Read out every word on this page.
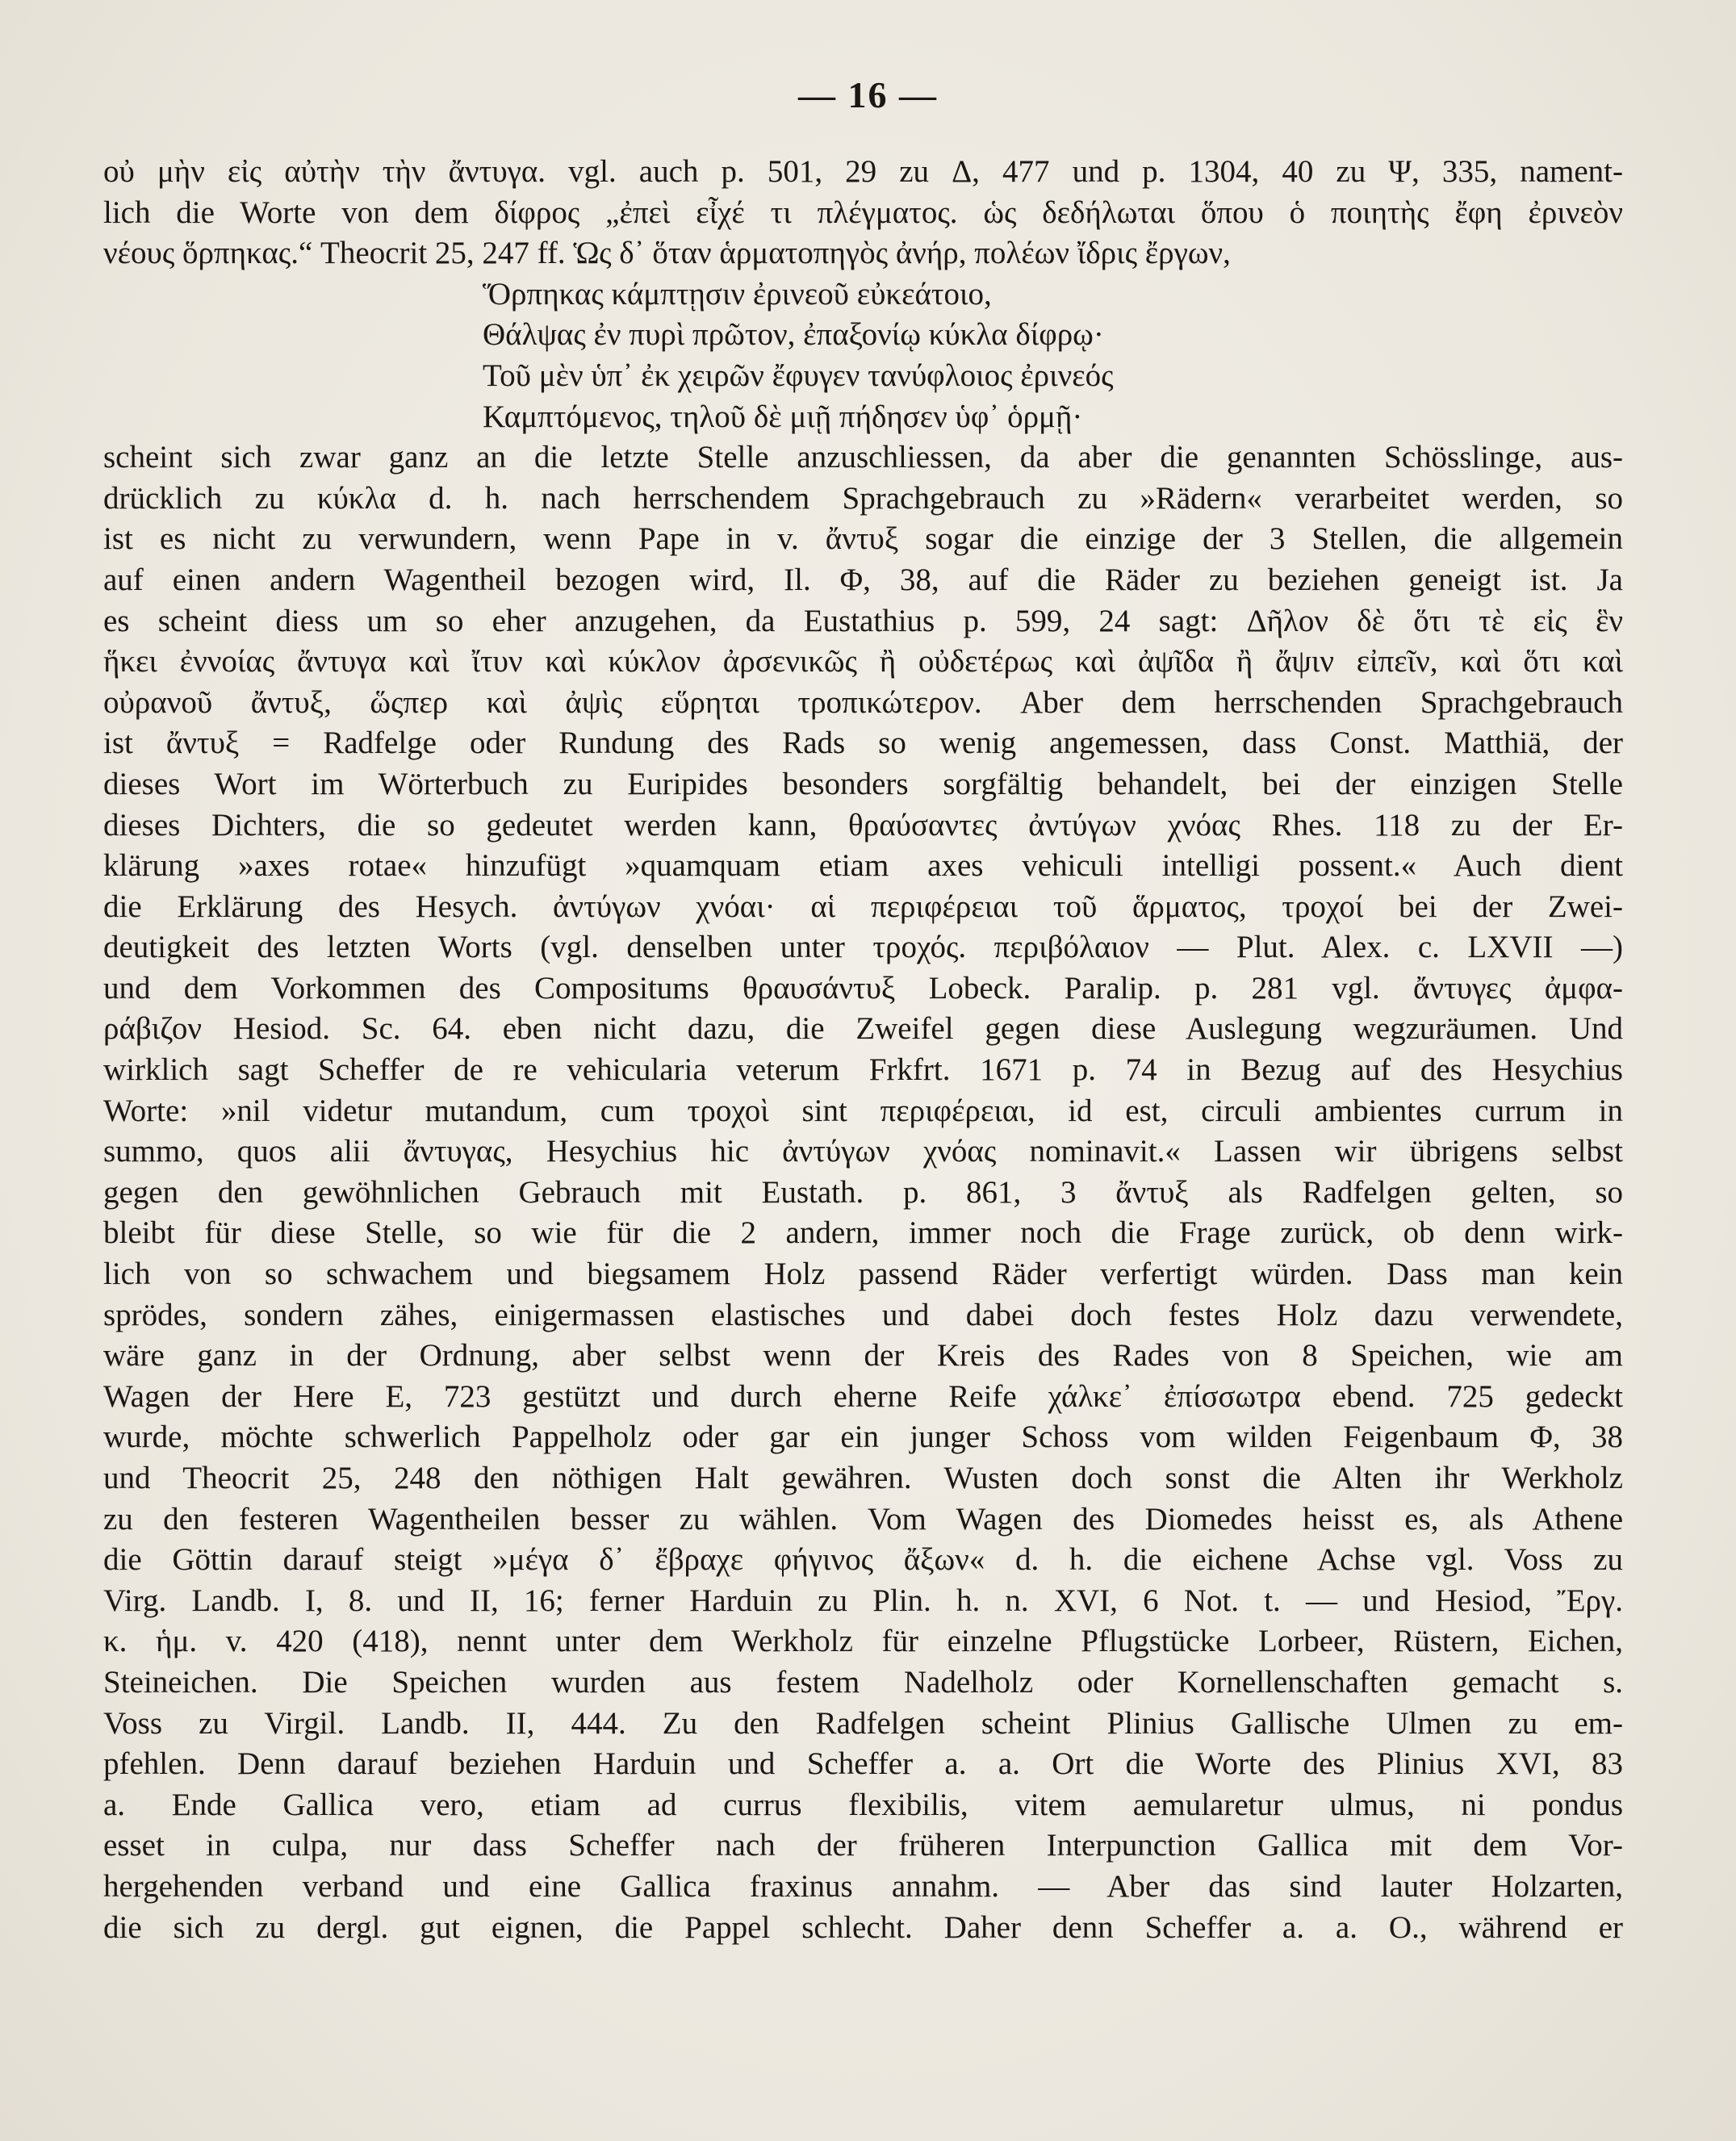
— 16 —
οὐ μὴν εἰς αὐτὴν τὴν ἄντυγα. vgl. auch p. 501, 29 zu Δ, 477 und p. 1304, 40 zu Ψ, 335, nament-
lich die Worte von dem δίφρος „ἐπεὶ εἶχέ τι πλέγματος. ὡς δεδήλωται ὅπου ὁ ποιητὴς ἔφη ἐρινεὸν
νέους ὅρπηκας.“ Theocrit 25, 247 ff. Ὡς δ᾽ ὅταν ἁρματοπηγὸς ἀνήρ, πολέων ἴδρις ἔργων,
Ὅρπηκας κάμπτῃσιν ἐρινεοῦ εὐκεάτοιο,
Θάλψας ἐν πυρὶ πρῶτον, ἐπαξονίῳ κύκλα δίφρῳ·
Τοῦ μὲν ὑπ᾽ ἐκ χειρῶν ἔφυγεν τανύφλοιος ἐρινεός
Καμπτόμενος, τηλοῦ δὲ μιῇ πήδησεν ὑφ᾽ ὁρμῇ·
scheint sich zwar ganz an die letzte Stelle anzuschliessen, da aber die genannten Schösslinge, aus-
drücklich zu κύκλα d. h. nach herrschendem Sprachgebrauch zu »Rädern« verarbeitet werden, so
ist es nicht zu verwundern, wenn Pape in v. ἄντυξ sogar die einzige der 3 Stellen, die allgemein
auf einen andern Wagentheil bezogen wird, Il. Φ, 38, auf die Räder zu beziehen geneigt ist. Ja
es scheint diess um so eher anzugehen, da Eustathius p. 599, 24 sagt: Δῆλον δὲ ὅτι τὲ εἰς ἓν
ἥκει ἐννοίας ἄντυγα καὶ ἴτυν καὶ κύκλον ἀρσενικῶς ἢ οὐδετέρως καὶ ἀψῖδα ἢ ἄψιν εἰπεῖν, καὶ ὅτι καὶ
οὐρανοῦ ἄντυξ, ὥςπερ καὶ ἀψὶς εὕρηται τροπικώτερον. Aber dem herrschenden Sprachgebrauch
ist ἄντυξ = Radfelge oder Rundung des Rads so wenig angemessen, dass Const. Matthiä, der
dieses Wort im Wörterbuch zu Euripides besonders sorgfältig behandelt, bei der einzigen Stelle
dieses Dichters, die so gedeutet werden kann, θραύσαντες ἀντύγων χνόας Rhes. 118 zu der Er-
klärung »axes rotae« hinzufügt »quamquam etiam axes vehiculi intelligi possent.« Auch dient
die Erklärung des Hesych. ἀντύγων χνόαι· αἱ περιφέρειαι τοῦ ἅρματος, τροχοί bei der Zwei-
deutigkeit des letzten Worts (vgl. denselben unter τροχός. περιβόλαιον — Plut. Alex. c. LXVII —)
und dem Vorkommen des Compositums θραυσάντυξ Lobeck. Paralip. p. 281 vgl. ἄντυγες ἀμφα-
ράβιζον Hesiod. Sc. 64. eben nicht dazu, die Zweifel gegen diese Auslegung wegzuräumen. Und
wirklich sagt Scheffer de re vehicularia veterum Frkfrt. 1671 p. 74 in Bezug auf des Hesychius
Worte: »nil videtur mutandum, cum τροχοὶ sint περιφέρειαι, id est, circuli ambientes currum in
summo, quos alii ἄντυγας, Hesychius hic ἀντύγων χνόας nominavit.« Lassen wir übrigens selbst
gegen den gewöhnlichen Gebrauch mit Eustath. p. 861, 3 ἄντυξ als Radfelgen gelten, so
bleibt für diese Stelle, so wie für die 2 andern, immer noch die Frage zurück, ob denn wirk-
lich von so schwachem und biegsamem Holz passend Räder verfertigt würden. Dass man kein
sprödes, sondern zähes, einigermassen elastisches und dabei doch festes Holz dazu verwendete,
wäre ganz in der Ordnung, aber selbst wenn der Kreis des Rades von 8 Speichen, wie am
Wagen der Here E, 723 gestützt und durch eherne Reife χάλκε᾽ ἐπίσσωτρα ebend. 725 gedeckt
wurde, möchte schwerlich Pappelholz oder gar ein junger Schoss vom wilden Feigenbaum Φ, 38
und Theocrit 25, 248 den nöthigen Halt gewähren. Wusten doch sonst die Alten ihr Werkholz
zu den festeren Wagentheilen besser zu wählen. Vom Wagen des Diomedes heisst es, als Athene
die Göttin darauf steigt »μέγα δ᾽ ἔβραχε φήγινος ἄξων« d. h. die eichene Achse vgl. Voss zu
Virg. Landb. I, 8. und II, 16; ferner Harduin zu Plin. h. n. XVI, 6 Not. t. — und Hesiod, Ἔργ.
κ. ἡμ. v. 420 (418), nennt unter dem Werkholz für einzelne Pflugstücke Lorbeer, Rüstern, Eichen,
Steineichen. Die Speichen wurden aus festem Nadelholz oder Kornellenschaften gemacht s.
Voss zu Virgil. Landb. II, 444. Zu den Radfelgen scheint Plinius Gallische Ulmen zu em-
pfehlen. Denn darauf beziehen Harduin und Scheffer a. a. Ort die Worte des Plinius XVI, 83
a. Ende Gallica vero, etiam ad currus flexibilis, vitem aemularetur ulmus, ni pondus
esset in culpa, nur dass Scheffer nach der früheren Interpunction Gallica mit dem Vor-
hergehenden verband und eine Gallica fraxinus annahm. — Aber das sind lauter Holzarten,
die sich zu dergl. gut eignen, die Pappel schlecht. Daher denn Scheffer a. a. O., während er
